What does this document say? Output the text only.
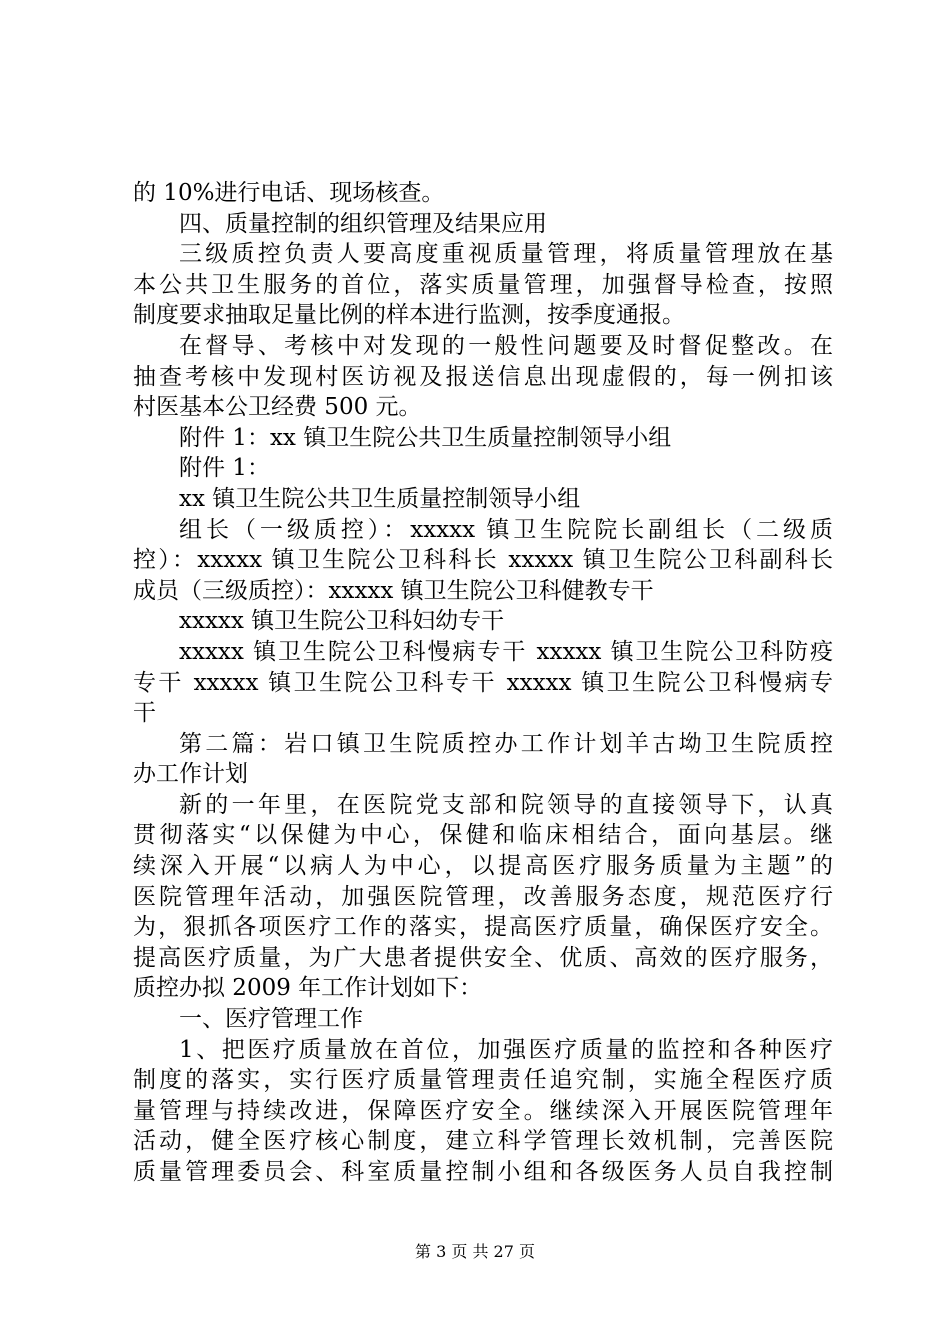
的 10%进行电话、现场核查。
四、质量控制的组织管理及结果应用
三级质控负责人要高度重视质量管理，将质量管理放在基
本公共卫生服务的首位，落实质量管理，加强督导检查，按照
制度要求抽取足量比例的样本进行监测，按季度通报。
在督导、考核中对发现的一般性问题要及时督促整改。在
抽查考核中发现村医访视及报送信息出现虚假的，每一例扣该
村医基本公卫经费 500 元。
附件 1：xx 镇卫生院公共卫生质量控制领导小组
附件 1：
xx 镇卫生院公共卫生质量控制领导小组
组长（一级质控）：xxxxx 镇卫生院院长副组长（二级质
控）：xxxxx 镇卫生院公卫科科长 xxxxx 镇卫生院公卫科副科长
成员（三级质控）：xxxxx 镇卫生院公卫科健教专干
xxxxx 镇卫生院公卫科妇幼专干
xxxxx 镇卫生院公卫科慢病专干 xxxxx 镇卫生院公卫科防疫
专干 xxxxx 镇卫生院公卫科专干 xxxxx 镇卫生院公卫科慢病专
干
第二篇：岩口镇卫生院质控办工作计划羊古坳卫生院质控
办工作计划
新的一年里，在医院党支部和院领导的直接领导下，认真
贯彻落实“以保健为中心，保健和临床相结合，面向基层。继
续深入开展“以病人为中心，以提高医疗服务质量为主题”的
医院管理年活动，加强医院管理，改善服务态度，规范医疗行
为，狠抓各项医疗工作的落实，提高医疗质量，确保医疗安全。
提高医疗质量，为广大患者提供安全、优质、高效的医疗服务，
质控办拟 2009 年工作计划如下：
一、医疗管理工作
1、把医疗质量放在首位，加强医疗质量的监控和各种医疗
制度的落实，实行医疗质量管理责任追究制，实施全程医疗质
量管理与持续改进，保障医疗安全。继续深入开展医院管理年
活动，健全医疗核心制度，建立科学管理长效机制，完善医院
质量管理委员会、科室质量控制小组和各级医务人员自我控制
第 3 页 共 27 页
